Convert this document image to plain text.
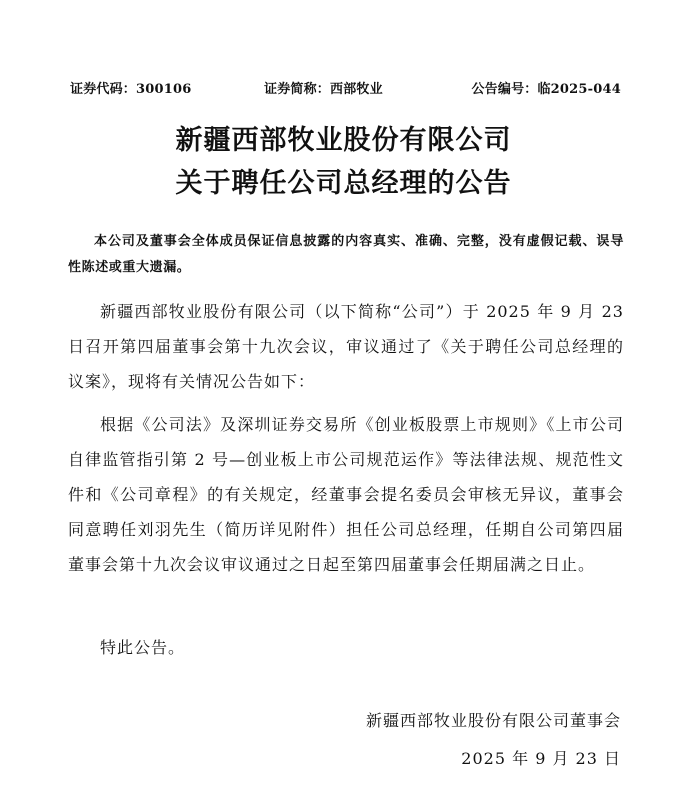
证券代码：300106	证券简称：西部牧业	公告编号：临2025-044
新疆西部牧业股份有限公司
关于聘任公司总经理的公告

本公司及董事会全体成员保证信息披露的内容真实、准确、完整，没有虚假记载、误导性陈述或重大遗漏。

新疆西部牧业股份有限公司（以下简称“公司”）于 2025 年 9 月 23 日召开第四届董事会第十九次会议，审议通过了《关于聘任公司总经理的议案》，现将有关情况公告如下：

根据《公司法》及深圳证券交易所《创业板股票上市规则》《上市公司自律监管指引第 2 号—创业板上市公司规范运作》等法律法规、规范性文件和《公司章程》的有关规定，经董事会提名委员会审核无异议，董事会同意聘任刘羽先生（简历详见附件）担任公司总经理，任期自公司第四届董事会第十九次会议审议通过之日起至第四届董事会任期届满之日止。

特此公告。

新疆西部牧业股份有限公司董事会
2025 年 9 月 23 日
